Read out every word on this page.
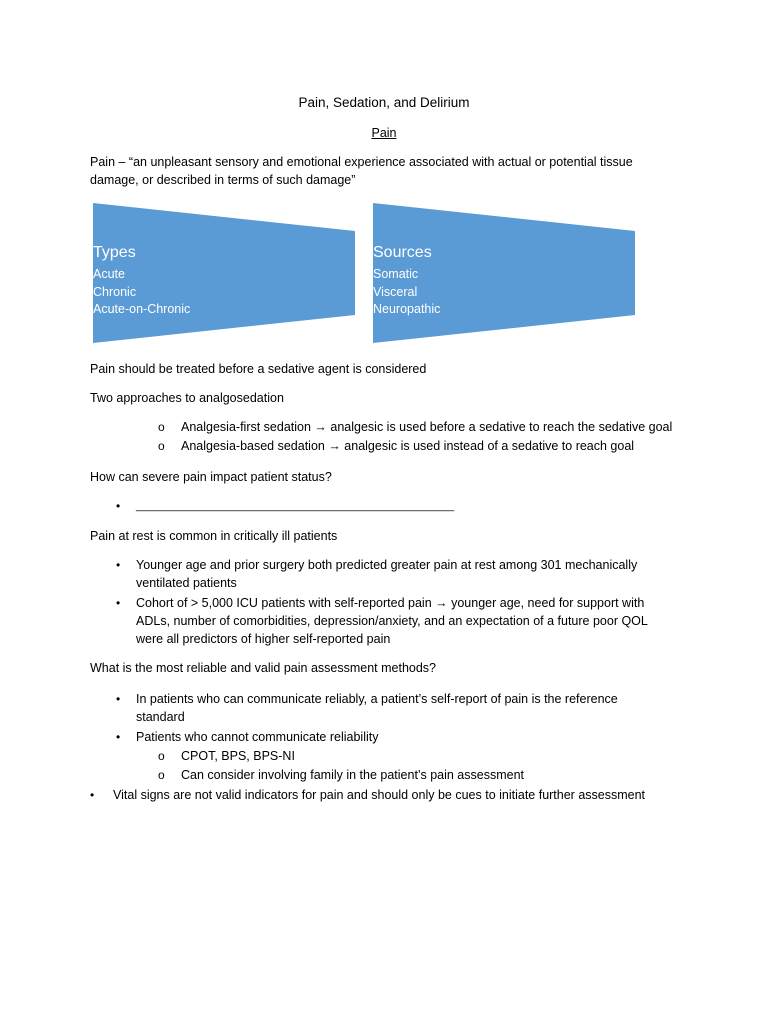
Pain, Sedation, and Delirium
Pain
Pain – “an unpleasant sensory and emotional experience associated with actual or potential tissue
damage, or described in terms of such damage”
Types
Acute
Chronic
Acute-on-Chronic
Sources
Somatic
Visceral
Neuropathic
Pain should be treated before a sedative agent is considered
Two approaches to analgosedation
o Analgesia-first sedation → analgesic is used before a sedative to reach the sedative goal
o Analgesia-based sedation → analgesic is used instead of a sedative to reach goal
How can severe pain impact patient status?
• ____________________________________________________
Pain at rest is common in critically ill patients
• Younger age and prior surgery both predicted greater pain at rest among 301 mechanically
ventilated patients
• Cohort of > 5,000 ICU patients with self-reported pain → younger age, need for support with
ADLs, number of comorbidities, depression/anxiety, and an expectation of a future poor QOL
were all predictors of higher self-reported pain
What is the most reliable and valid pain assessment methods?
• In patients who can communicate reliably, a patient’s self-report of pain is the reference
standard
• Patients who cannot communicate reliability
o CPOT, BPS, BPS-NI
o Can consider involving family in the patient’s pain assessment
• Vital signs are not valid indicators for pain and should only be cues to initiate further assessment
